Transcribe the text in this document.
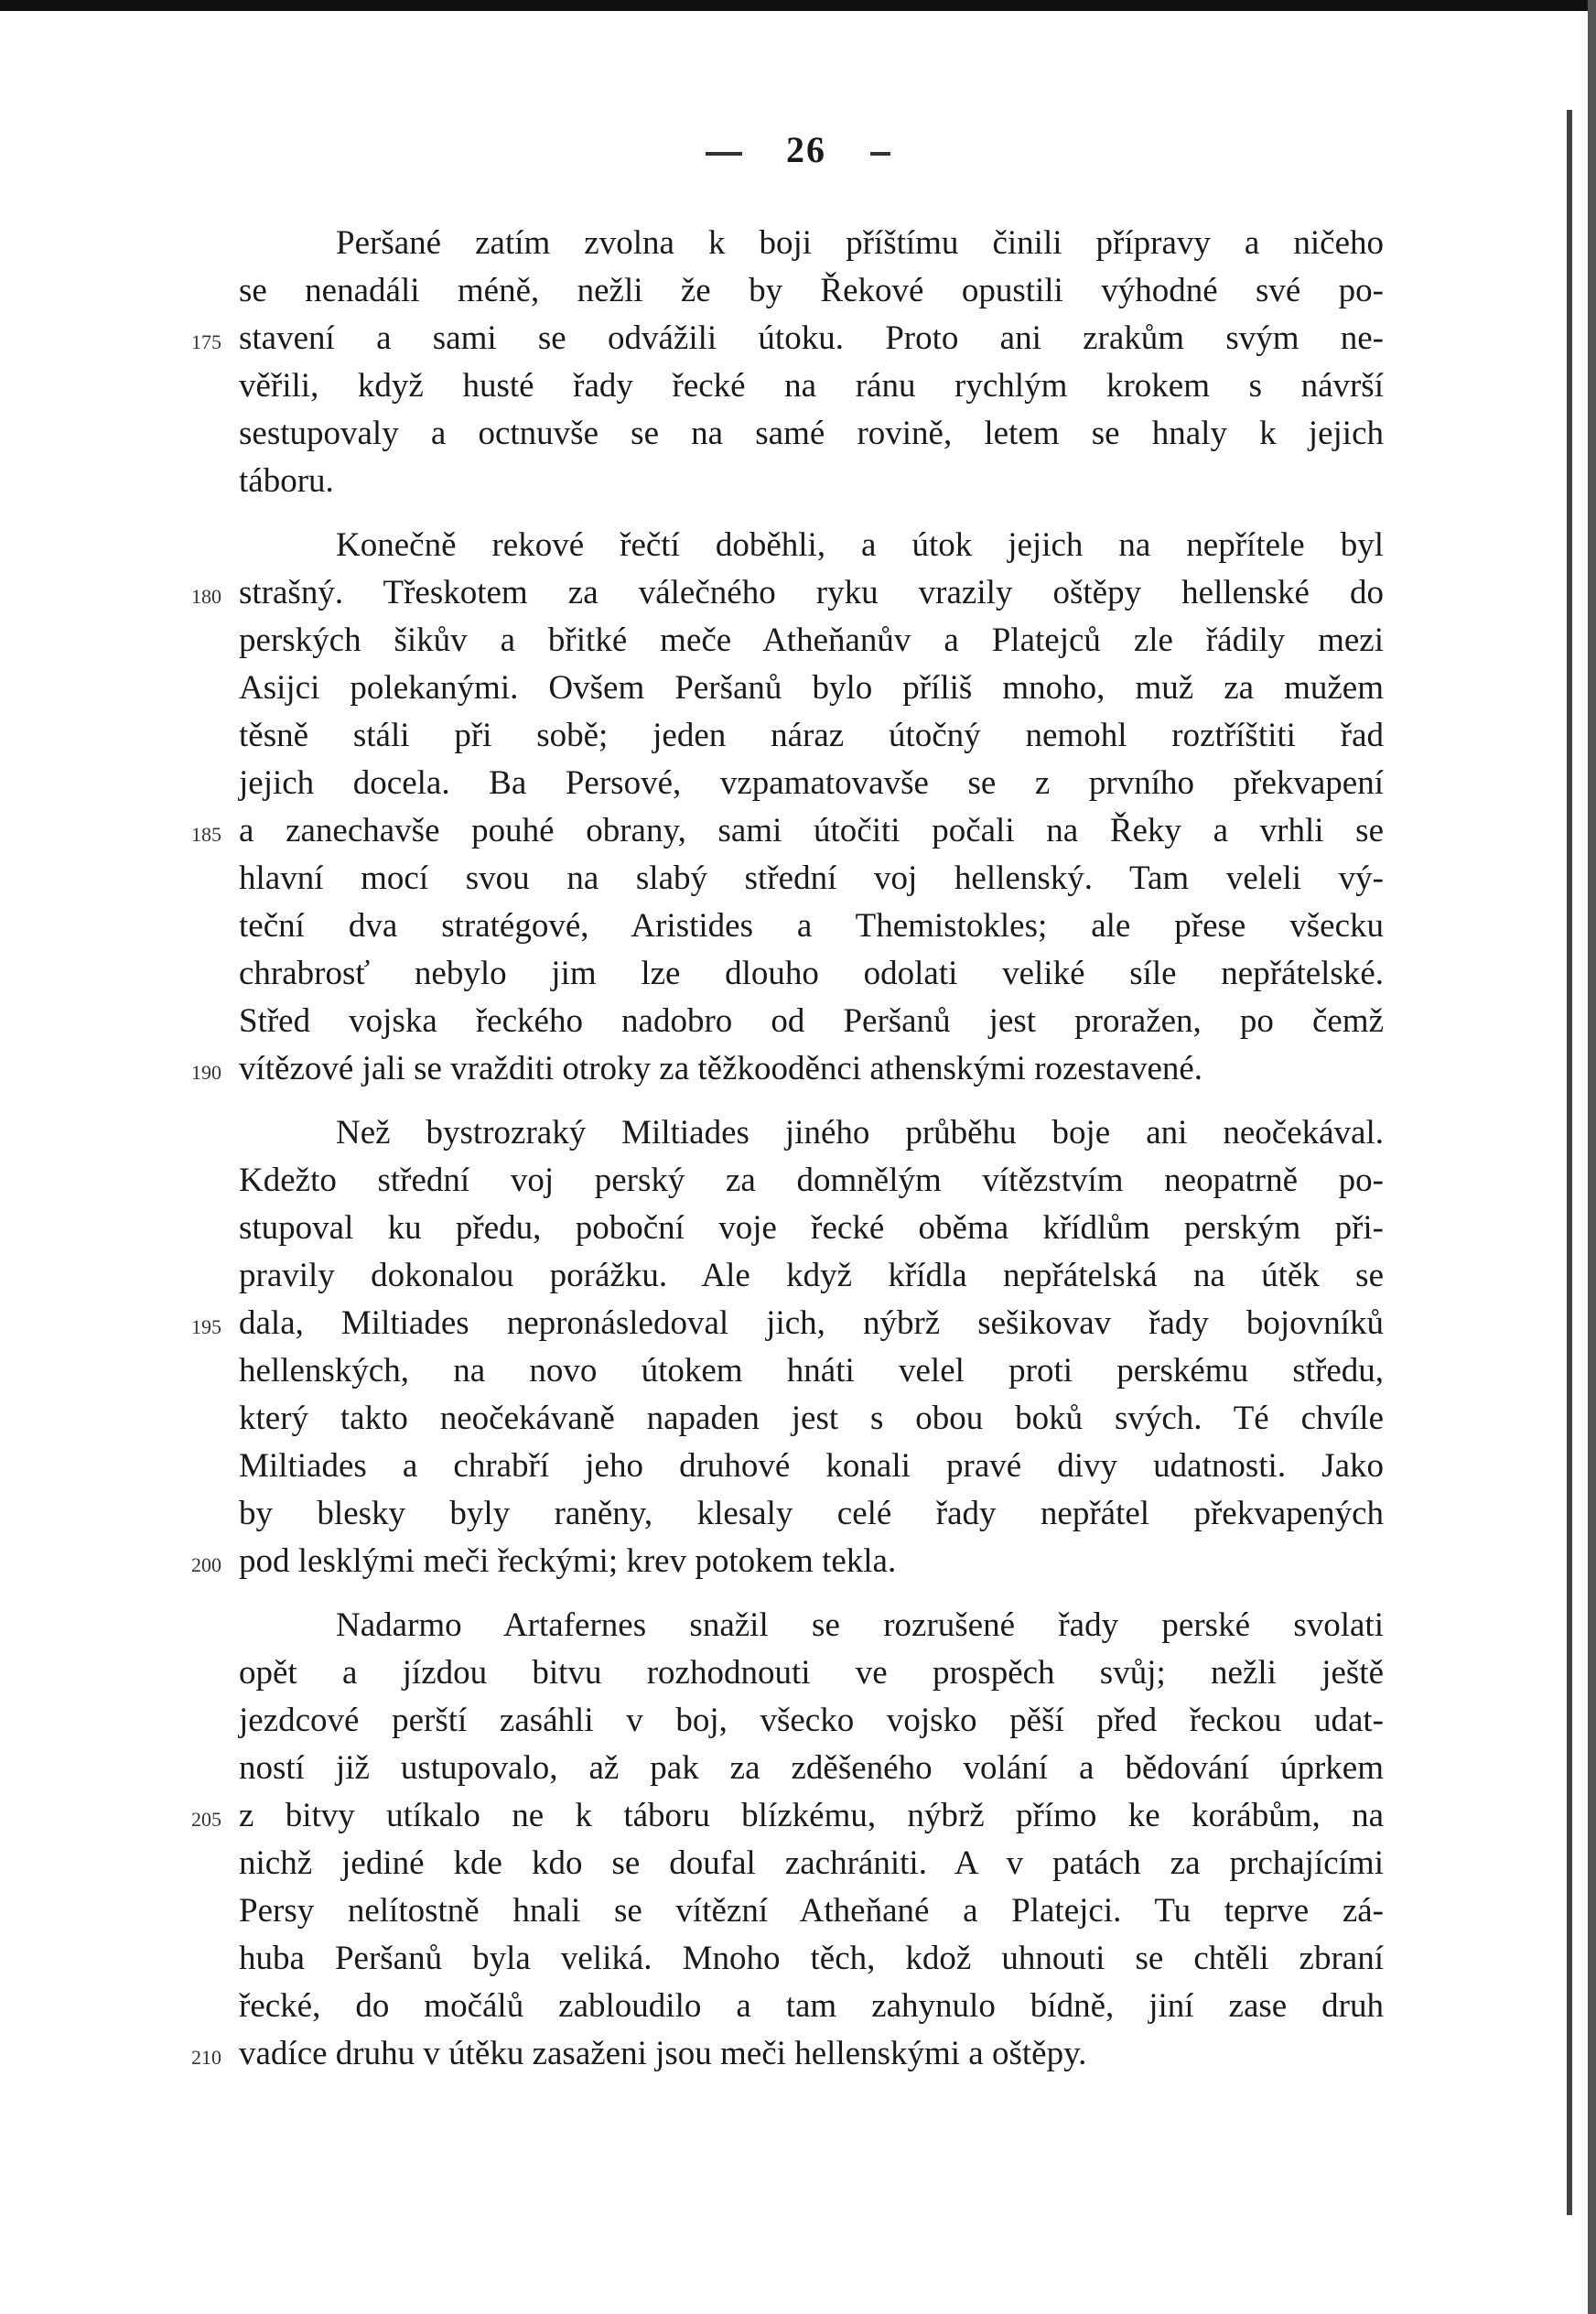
26
Peršané zatím zvolna k boji příštímu činili přípravy a ničeho
se nenadáli méně, nežli že by Řekové opustili výhodné své po-
stavení a sami se odvážili útoku. Proto ani zrakům svým ne-
175
věřili, když husté řady řecké na ránu rychlým krokem s návrší
sestupovaly a octnuvše se na samé rovině, letem se hnaly k jejich
táboru.
Konečně rekové řečtí doběhli, a útok jejich na nepřítele byl
strašný. Třeskotem za válečného ryku vrazily oštěpy hellenské do
180
perských šikův a břitké meče Atheňanův a Platejců zle řádily mezi
Asijci polekanými. Ovšem Peršanů bylo příliš mnoho, muž za mužem
těsně stáli při sobě; jeden náraz útočný nemohl roztříštiti řad
jejich docela. Ba Persové, vzpamatovavše se z prvního překvapení
a zanechavše pouhé obrany, sami útočiti počali na Řeky a vrhli se
185
hlavní mocí svou na slabý střední voj hellenský. Tam veleli vý-
teční dva stratégové, Aristides a Themistokles; ale přese všecku
chrabrosť nebylo jim lze dlouho odolati veliké síle nepřátelské.
Střed vojska řeckého nadobro od Peršanů jest proražen, po čemž
vítězové jali se vražditi otroky za těžkooděnci athenskými rozestavené.
190
Než bystrozraký Miltiades jiného průběhu boje ani neočekával.
Kdežto střední voj perský za domnělým vítězstvím neopatrně po-
stupoval ku předu, poboční voje řecké oběma křídlům perským při-
pravily dokonalou porážku. Ale když křídla nepřátelská na útěk se
dala, Miltiades nepronásledoval jich, nýbrž sešikovav řady bojovníků
195
hellenských, na novo útokem hnáti velel proti perskému středu,
který takto neočekávaně napaden jest s obou boků svých. Té chvíle
Miltiades a chrabří jeho druhové konali pravé divy udatnosti. Jako
by blesky byly raněny, klesaly celé řady nepřátel překvapených
pod lesklými meči řeckými; krev potokem tekla.
200
Nadarmo Artafernes snažil se rozrušené řady perské svolati
opět a jízdou bitvu rozhodnouti ve prospěch svůj; nežli ještě
jezdcové perští zasáhli v boj, všecko vojsko pěší před řeckou udat-
ností již ustupovalo, až pak za zděšeného volání a bědování úprkem
z bitvy utíkalo ne k táboru blízkému, nýbrž přímo ke korábům, na
205
nichž jediné kde kdo se doufal zachrániti. A v patách za prchajícími
Persy nelítostně hnali se vítězní Atheňané a Platejci. Tu teprve zá-
huba Peršanů byla veliká. Mnoho těch, kdož uhnouti se chtěli zbraní
řecké, do močálů zabloudilo a tam zahynulo bídně, jiní zase druh
vadíce druhu v útěku zasaženi jsou meči hellenskými a oštěpy.
210
